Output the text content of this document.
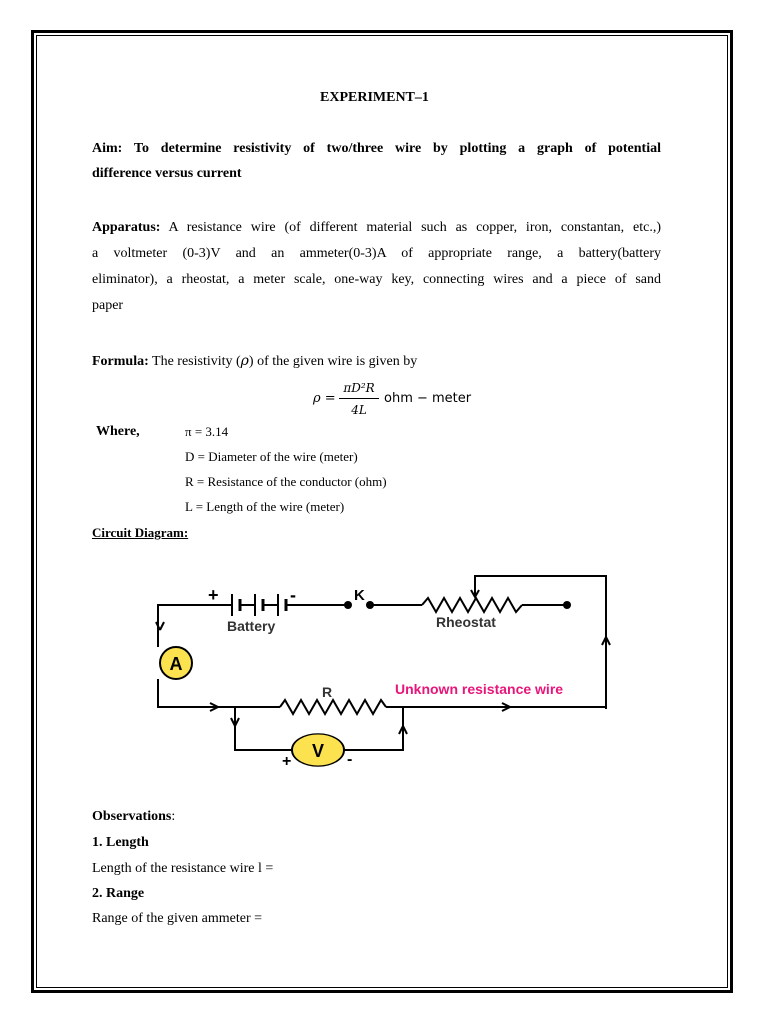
EXPERIMENT–1
Aim: To determine resistivity of two/three wire by plotting a graph of potential
difference versus current
Apparatus: A resistance wire (of different material such as copper, iron, constantan, etc.,)
a voltmeter (0-3)V and an ammeter(0-3)A of appropriate range, a battery(battery
eliminator), a rheostat, a meter scale, one-way key, connecting wires and a piece of sand
paper
Formula: The resistivity (ρ) of the given wire is given by
ρ =
πD²R
4L
ohm − meter
Where,	π = 3.14
D = Diameter of the wire (meter)
R = Resistance of the conductor (ohm)
L = Length of the wire (meter)
Circuit Diagram:
+	-
Battery
K
Rheostat
A
R	Unknown resistance wire
V
+	-
Observations:
1. Length
Length of the resistance wire l =
2. Range
Range of the given ammeter =
